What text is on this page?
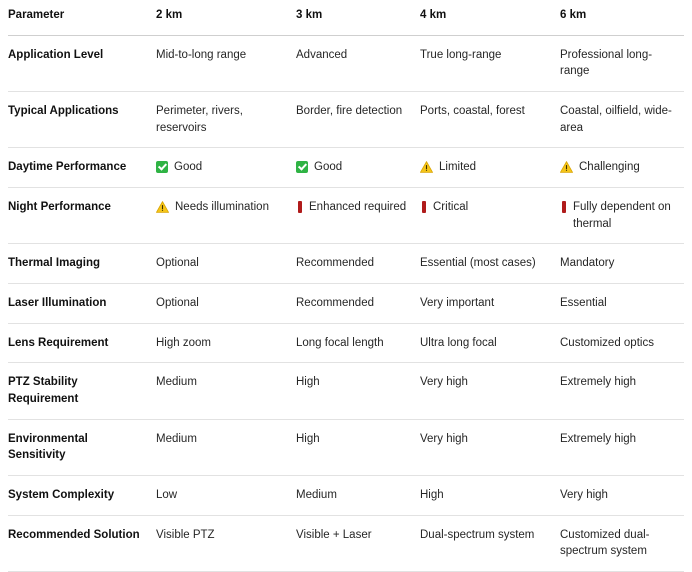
Parameter	2 km	3 km	4 km	6 km
Application Level	Mid-to-long range	Advanced	True long-range	Professional long-range

Typical Applications	Perimeter, rivers, reservoirs	Border, fire detection	Ports, coastal, forest	Coastal, oilfield, wide-area

Daytime Performance	Good	Good	Limited	Challenging

Night Performance	Needs illumination	Enhanced required	Critical	Fully dependent on thermal

Thermal Imaging	Optional	Recommended	Essential (most cases)	Mandatory

Laser Illumination	Optional	Recommended	Very important	Essential

Lens Requirement	High zoom	Long focal length	Ultra long focal	Customized optics

PTZ Stability Requirement	Medium	High	Very high	Extremely high

Environmental Sensitivity	Medium	High	Very high	Extremely high

System Complexity	Low	Medium	High	Very high

Recommended Solution	Visible PTZ	Visible + Laser	Dual-spectrum system	Customized dual-spectrum system
